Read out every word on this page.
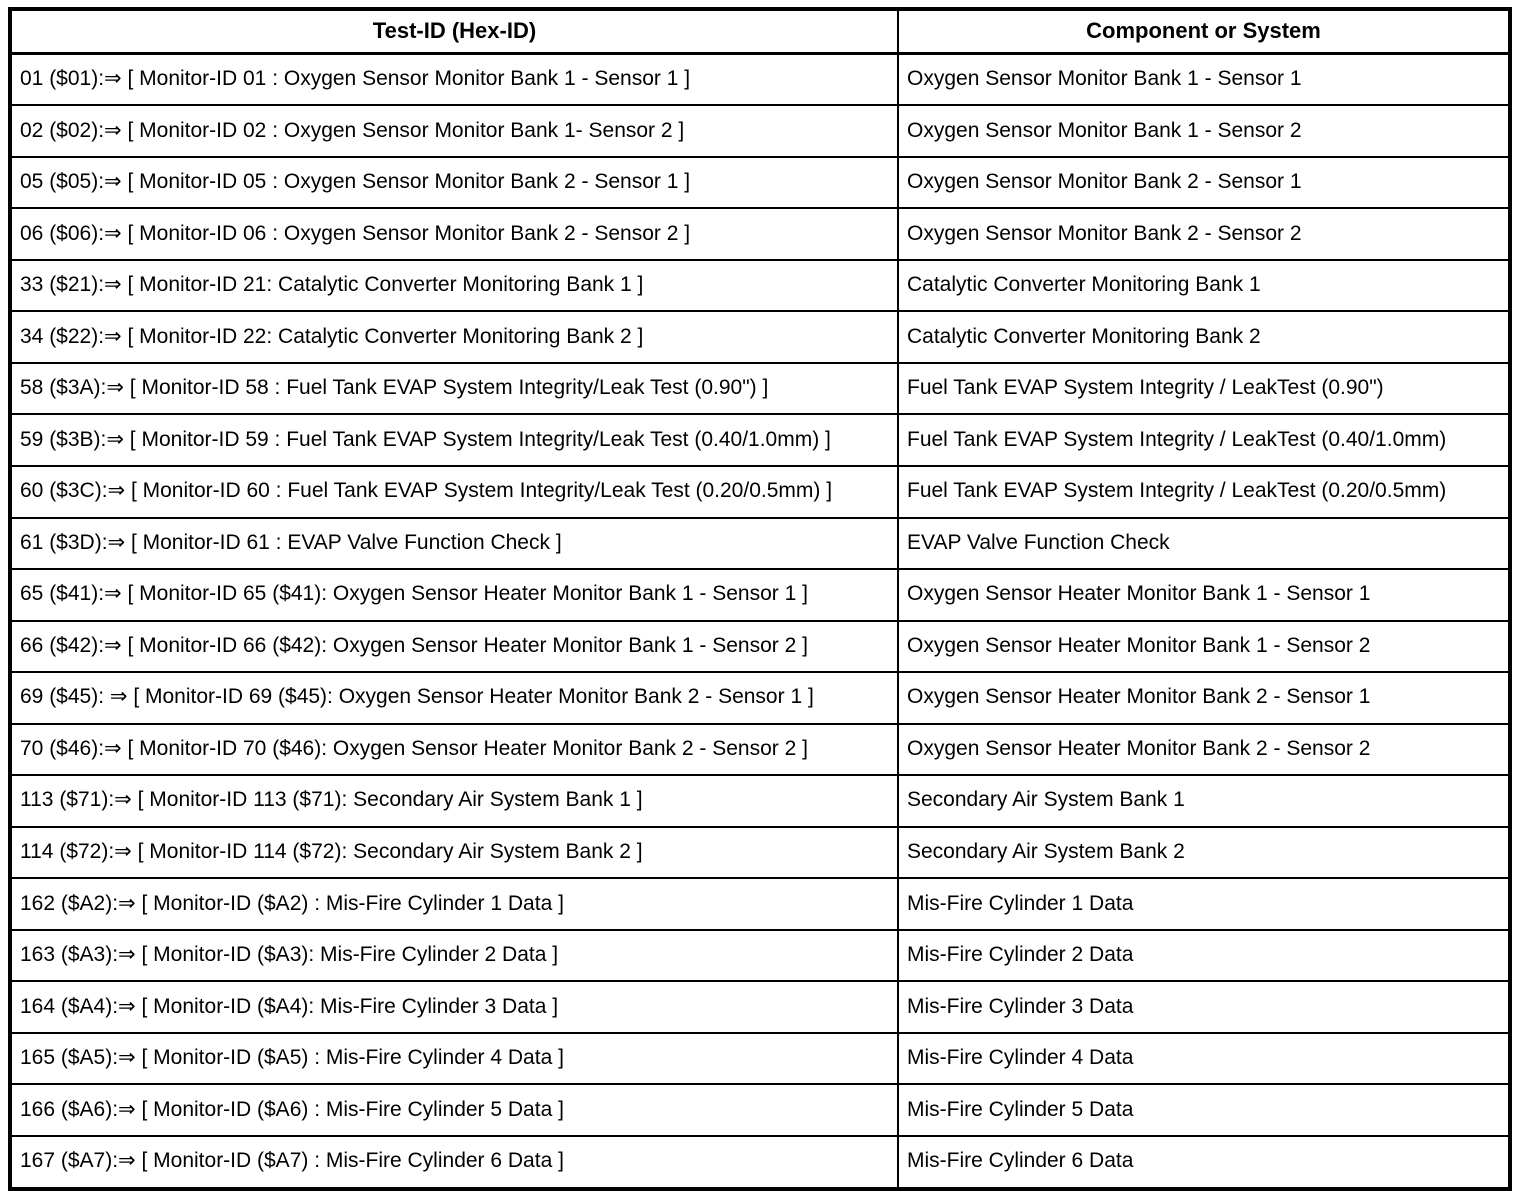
Test-ID (Hex-ID)	Component or System
01 ($01):⇒ [ Monitor-ID 01 : Oxygen Sensor Monitor Bank 1 - Sensor 1 ]	Oxygen Sensor Monitor Bank 1 - Sensor 1
02 ($02):⇒ [ Monitor-ID 02 : Oxygen Sensor Monitor Bank 1- Sensor 2 ]	Oxygen Sensor Monitor Bank 1 - Sensor 2
05 ($05):⇒ [ Monitor-ID 05 : Oxygen Sensor Monitor Bank 2 - Sensor 1 ]	Oxygen Sensor Monitor Bank 2 - Sensor 1
06 ($06):⇒ [ Monitor-ID 06 : Oxygen Sensor Monitor Bank 2 - Sensor 2 ]	Oxygen Sensor Monitor Bank 2 - Sensor 2
33 ($21):⇒ [ Monitor-ID 21: Catalytic Converter Monitoring Bank 1 ]	Catalytic Converter Monitoring Bank 1
34 ($22):⇒ [ Monitor-ID 22: Catalytic Converter Monitoring Bank 2 ]	Catalytic Converter Monitoring Bank 2
58 ($3A):⇒ [ Monitor-ID 58 : Fuel Tank EVAP System Integrity/Leak Test (0.90") ]	Fuel Tank EVAP System Integrity / LeakTest (0.90")
59 ($3B):⇒ [ Monitor-ID 59 : Fuel Tank EVAP System Integrity/Leak Test (0.40/1.0mm) ]	Fuel Tank EVAP System Integrity / LeakTest (0.40/1.0mm)
60 ($3C):⇒ [ Monitor-ID 60 : Fuel Tank EVAP System Integrity/Leak Test (0.20/0.5mm) ]	Fuel Tank EVAP System Integrity / LeakTest (0.20/0.5mm)
61 ($3D):⇒ [ Monitor-ID 61 : EVAP Valve Function Check ]	EVAP Valve Function Check
65 ($41):⇒ [ Monitor-ID 65 ($41): Oxygen Sensor Heater Monitor Bank 1 - Sensor 1 ]	Oxygen Sensor Heater Monitor Bank 1 - Sensor 1
66 ($42):⇒ [ Monitor-ID 66 ($42): Oxygen Sensor Heater Monitor Bank 1 - Sensor 2 ]	Oxygen Sensor Heater Monitor Bank 1 - Sensor 2
69 ($45): ⇒ [ Monitor-ID 69 ($45): Oxygen Sensor Heater Monitor Bank 2 - Sensor 1 ]	Oxygen Sensor Heater Monitor Bank 2 - Sensor 1
70 ($46):⇒ [ Monitor-ID 70 ($46): Oxygen Sensor Heater Monitor Bank 2 - Sensor 2 ]	Oxygen Sensor Heater Monitor Bank 2 - Sensor 2
113 ($71):⇒ [ Monitor-ID 113 ($71): Secondary Air System Bank 1 ]	Secondary Air System Bank 1
114 ($72):⇒ [ Monitor-ID 114 ($72): Secondary Air System Bank 2 ]	Secondary Air System Bank 2
162 ($A2):⇒ [ Monitor-ID ($A2) : Mis-Fire Cylinder 1 Data ]	Mis-Fire Cylinder 1 Data
163 ($A3):⇒ [ Monitor-ID ($A3): Mis-Fire Cylinder 2 Data ]	Mis-Fire Cylinder 2 Data
164 ($A4):⇒ [ Monitor-ID ($A4): Mis-Fire Cylinder 3 Data ]	Mis-Fire Cylinder 3 Data
165 ($A5):⇒ [ Monitor-ID ($A5) : Mis-Fire Cylinder 4 Data ]	Mis-Fire Cylinder 4 Data
166 ($A6):⇒ [ Monitor-ID ($A6) : Mis-Fire Cylinder 5 Data ]	Mis-Fire Cylinder 5 Data
167 ($A7):⇒ [ Monitor-ID ($A7) : Mis-Fire Cylinder 6 Data ]	Mis-Fire Cylinder 6 Data
